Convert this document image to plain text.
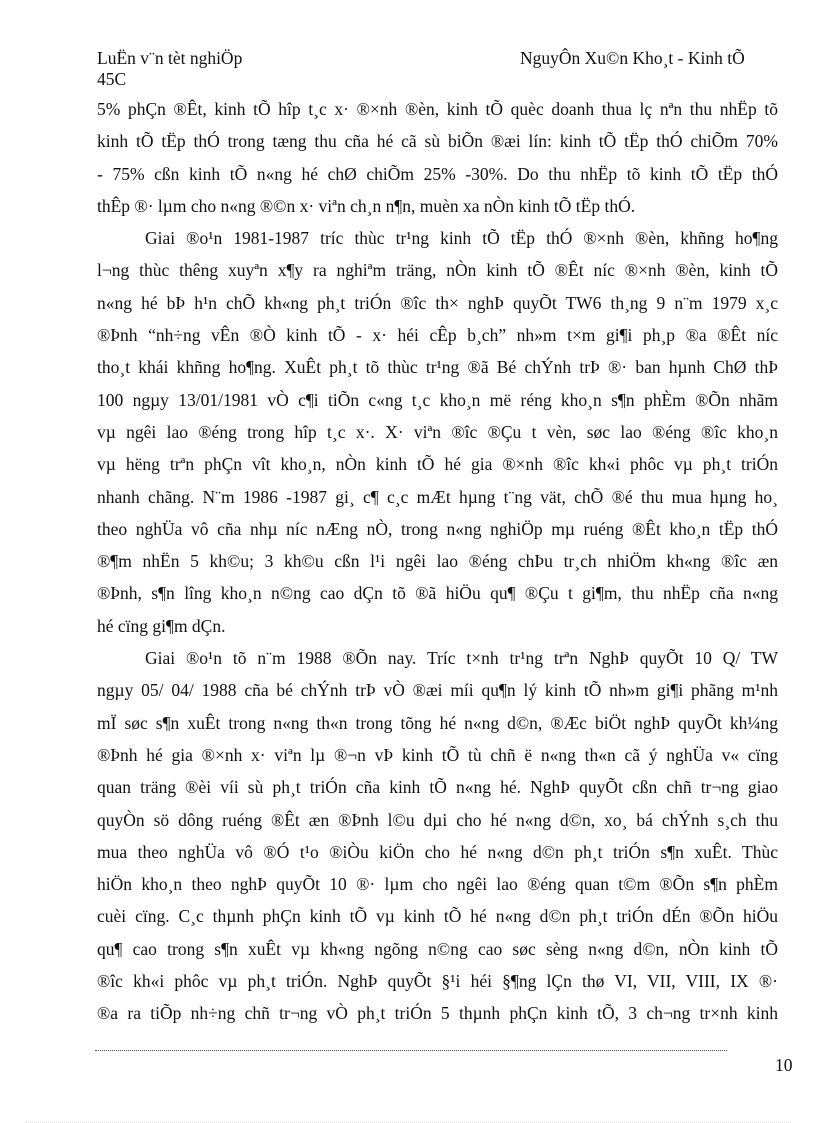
LuËn v¨n tèt nghiÖp
45C
NguyÔn Xu©n Kho¸t - Kinh tÕ
5% phÇn ®Êt, kinh tÕ hîp t¸c x· ®×nh ®èn, kinh tÕ quèc doanh thua lç nªn thu nhËp tõ
kinh tÕ tËp thÓ trong tæng thu cña hé cã sù biÕn ®æi lín: kinh tÕ tËp thÓ chiÕm 70%
- 75% cßn kinh tÕ n«ng hé chØ chiÕm 25% -30%. Do thu nhËp tõ kinh tÕ tËp thÓ
thÊp ®· lµm cho n«ng ®©n x· viªn ch¸n n¶n, muèn xa nÒn kinh tÕ tËp thÓ.
Giai ®o¹n 1981-1987 tríc thùc tr¹ng kinh tÕ tËp thÓ ®×nh ®èn, khñng ho¶ng
l¬ng thùc thêng xuyªn x¶y ra nghiªm träng, nÒn kinh tÕ ®Êt níc ®×nh ®èn, kinh tÕ
n«ng hé bÞ h¹n chÕ kh«ng ph¸t triÓn ®îc th× nghÞ quyÕt TW6 th¸ng 9 n¨m 1979 x¸c
®Þnh “nh÷ng vÊn ®Ò kinh tÕ - x· héi cÊp b¸ch” nh»m t×m gi¶i ph¸p ®a ®Êt níc
tho¸t khái khñng ho¶ng. XuÊt ph¸t tõ thùc tr¹ng ®ã Bé chÝnh trÞ ®· ban hµnh ChØ thÞ
100 ngµy 13/01/1981 vÒ c¶i tiÕn c«ng t¸c kho¸n më réng kho¸n s¶n phÈm ®Õn nhãm
vµ ngêi lao ®éng trong hîp t¸c x·. X· viªn ®îc ®Çu t vèn, søc lao ®éng ®îc kho¸n
vµ hëng trªn phÇn vît kho¸n, nÒn kinh tÕ hé gia ®×nh ®îc kh«i phôc vµ ph¸t triÓn
nhanh chãng. N¨m 1986 -1987 gi¸ c¶ c¸c mÆt hµng t¨ng vät, chÕ ®é thu mua hµng ho¸
theo nghÜa vô cña nhµ níc nÆng nÒ, trong n«ng nghiÖp mµ ruéng ®Êt kho¸n tËp thÓ
®¶m nhËn 5 kh©u; 3 kh©u cßn l¹i ngêi lao ®éng chÞu tr¸ch nhiÖm kh«ng ®îc æn
®Þnh, s¶n lîng kho¸n n©ng cao dÇn tõ ®ã hiÖu qu¶ ®Çu t gi¶m, thu nhËp cña n«ng
hé cïng gi¶m dÇn.
Giai ®o¹n tõ n¨m 1988 ®Õn nay. Tríc t×nh tr¹ng trªn NghÞ quyÕt 10 Q/ TW
ngµy 05/ 04/ 1988 cña bé chÝnh trÞ vÒ ®æi míi qu¶n lý kinh tÕ nh»m gi¶i phãng m¹nh
mÏ søc s¶n xuÊt trong n«ng th«n trong tõng hé n«ng d©n, ®Æc biÖt nghÞ quyÕt kh¼ng
®Þnh hé gia ®×nh x· viªn lµ ®¬n vÞ kinh tÕ tù chñ ë n«ng th«n cã ý nghÜa v« cïng
quan träng ®èi víi sù ph¸t triÓn cña kinh tÕ n«ng hé. NghÞ quyÕt cßn chñ tr¬ng giao
quyÒn sö dông ruéng ®Êt æn ®Þnh l©u dµi cho hé n«ng d©n, xo¸ bá chÝnh s¸ch thu
mua theo nghÜa vô ®Ó t¹o ®iÒu kiÖn cho hé n«ng d©n ph¸t triÓn s¶n xuÊt. Thùc
hiÖn kho¸n theo nghÞ quyÕt 10 ®· lµm cho ngêi lao ®éng quan t©m ®Õn s¶n phÈm
cuèi cïng. C¸c thµnh phÇn kinh tÕ vµ kinh tÕ hé n«ng d©n ph¸t triÓn dÉn ®Õn hiÖu
qu¶ cao trong s¶n xuÊt vµ kh«ng ngõng n©ng cao søc sèng n«ng d©n, nÒn kinh tÕ
®îc kh«i phôc vµ ph¸t triÓn. NghÞ quyÕt §¹i héi §¶ng lÇn thø VI, VII, VIII, IX ®·
®a ra tiÕp nh÷ng chñ tr¬ng vÒ ph¸t triÓn 5 thµnh phÇn kinh tÕ, 3 ch¬ng tr×nh kinh
10
